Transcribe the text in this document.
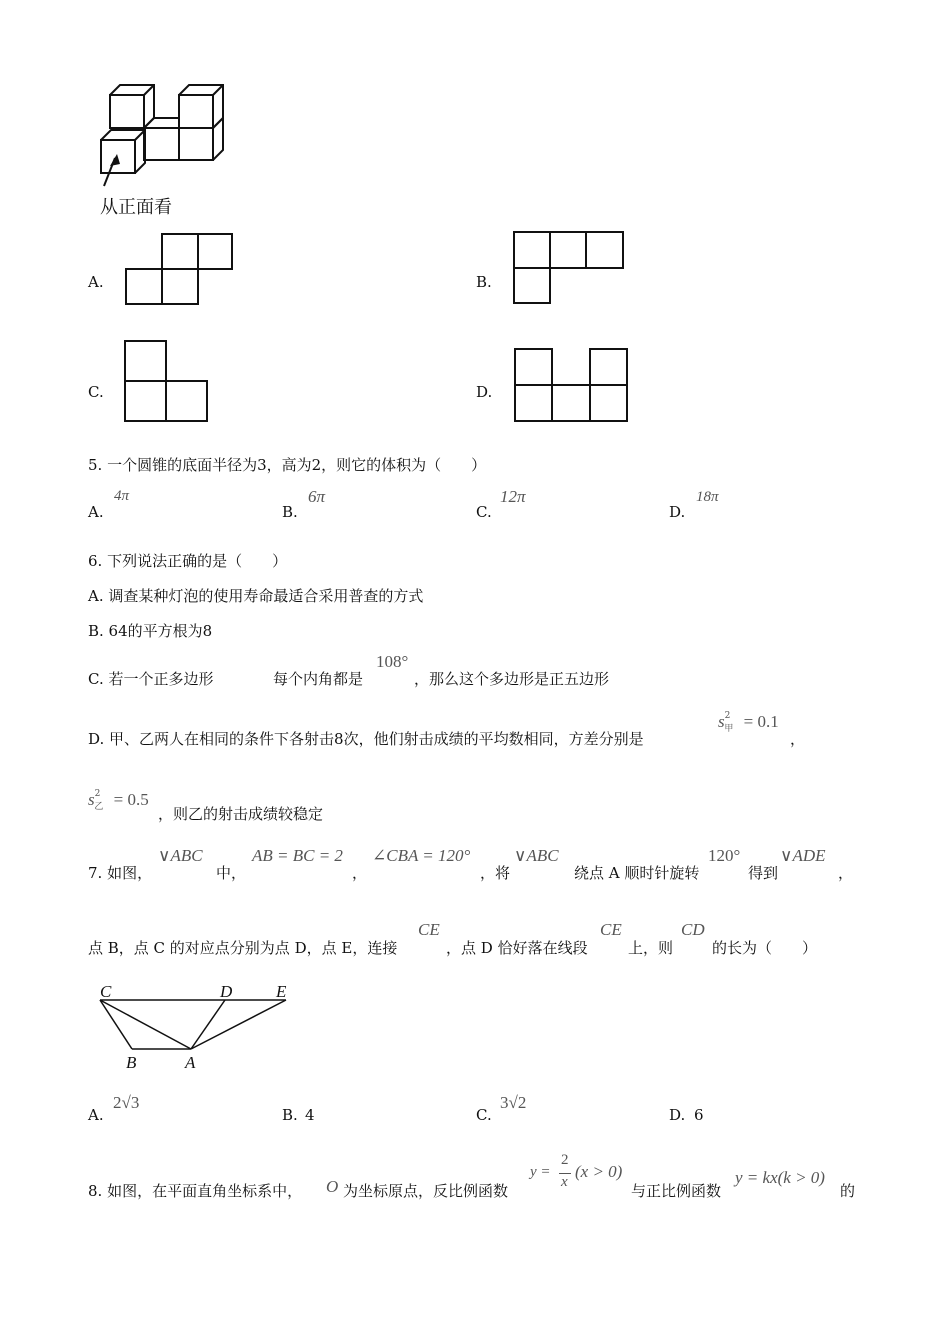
从正面看
A.	B.
C.	D.
5. 一个圆锥的底面半径为3，高为2，则它的体积为（　　）
A.
4π
B.
6π
C.
12π
D.
18π
6. 下列说法正确的是（　　）
A. 调查某种灯泡的使用寿命最适合采用普查的方式
B. 64的平方根为8
C. 若一个正多边形	每个内角都是
108°
，那么这个多边形是正五边形
D. 甲、乙两人在相同的条件下各射击8次，他们射击成绩的平均数相同，方差分别是
$s^2_甲 = 0.1$
，
$s^2_乙 = 0.5$
，则乙的射击成绩较稳定
7. 如图，
∨ABC
中，
AB = BC = 2
，
∠CBA = 120°
，将
∨ABC
绕点 A 顺时针旋转
120°
得到
∨ADE
，
点 B，点 C 的对应点分别为点 D，点 E，连接
CE
，点 D 恰好落在线段
CE
上，则
CD
的长为（　　）
C	D	E
B	A
A.
2√3
B. 4	C.
3√2
D. 6
8. 如图，在平面直角坐标系中， O 为坐标原点，反比例函数
y =
2
x
(x > 0)
与正比例函数
y = kx(k > 0)
的
